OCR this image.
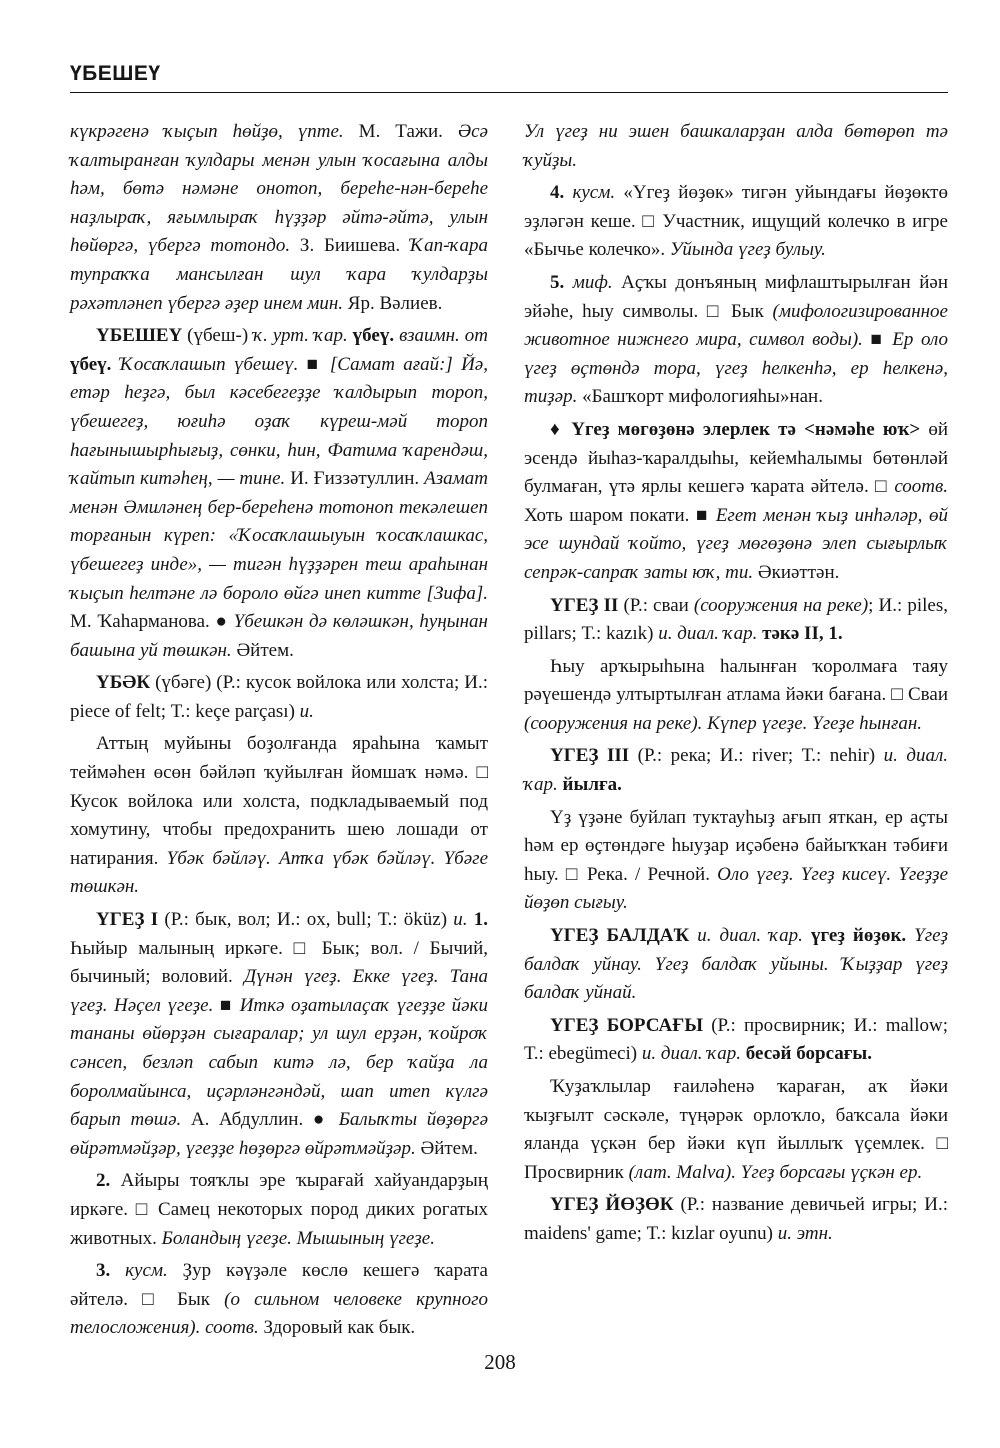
ҮБЕШЕҮ

күкрәгенә ҡыҫып һөйҙө, үпте. М. Тажи. Әсә ҡалтыранған ҡулдары менән улын ҡосағына алды һәм, бөтә нәмәне онотоп, береһе-нән-береһе наҙлыраҡ, яғымлыраҡ һүҙҙәр әйтә-әйтә, улын һөйөргә, үбергә тотондо. З. Биишева. Ҡап-ҡара тупраҡҡа мансылған шул ҡара ҡулдарҙы рәхәтләнеп үбергә әҙер инем мин. Яр. Вәлиев.

ҮБЕШЕҮ (үбеш-) ҡ. урт. ҡар. үбеү. взаимн. от үбеү. Ҡосаҡлашып үбешеү. ■ [Самат ағай:] Йә, етәр һеҙгә, был кәсебегеҙҙе ҡалдырып тороп, үбешегеҙ, юғиһә оҙаҡ күреш-мәй тороп һағынышырһығыҙ, сөнки, һин, Фатима ҡарендәш, ҡайтып китәһең, — тине. И. Ғиззәтуллин. Азамат менән Әмиләнең бер-береһенә тотоноп текәлешеп торғанын күреп: «Ҡосаҡлашыуын ҡосаҡлашкас, үбешегеҙ инде», — тигән һүҙҙәрен теш араһынан ҡыҫып һелтәне лә бороло өйгә инеп китте [Зифа]. М. Ҡаһарманова. ● Үбешкән дә көләшкән, һуңынан башына уй төшкән. Әйтем.

ҮБӘК (үбәге) (Р.: кусок войлока или холста; И.: piece of felt; Т.: keçe parçası) и.

Аттың муйыны боҙолғанда яраһына ҡамыт теймәһен өсөн бәйләп ҡуйылған йомшаҡ нәмә. □ Кусок войлока или холста, подкладываемый под хомутину, чтобы предохранить шею лошади от натирания. Үбәк бәйләү. Атҡа үбәк бәйләү. Үбәге төшкән.

ҮГЕҘ I (Р.: бык, вол; И.: ox, bull; Т.: öküz) и. 1. Һыйыр малының иркәге. □ Бык; вол. / Бычий, бычиный; воловий. Дүнән үгеҙ. Екке үгеҙ. Тана үгеҙ. Нәҫел үгеҙе. ■ Иткә оҙатылаҫаҡ үгеҙҙе йәки тананы өйөрҙән сығаралар; ул шул ерҙән, ҡойроҡ сәнсеп, безләп сабып китә лә, бер ҡайҙа ла боролмайынса, иҫәрләнгәндәй, шап итеп күлгә барып төшә. А. Абдуллин. ● Балыҡты йөҙөргә өйрәтмәйҙәр, үгеҙҙе һөҙөргә өйрәтмәйҙәр. Әйтем.

2. Айыры тояҡлы эре ҡырағай хайуандарҙың иркәге. □ Самец некоторых пород диких рогатых животных. Боландың үгеҙе. Мышының үгеҙе.

3. кусм. Ҙур кәүҙәле көслө кешегә ҡарата әйтелә. □ Бык (о сильном человеке крупного телосложения). соотв. Здоровый как бык.

Ул үгеҙ ни эшен башкаларҙан алда бөтөрөп тә ҡуйҙы.

4. кусм. «Үгеҙ йөҙөк» тигән уйындағы йөҙөктө эҙләгән кеше. □ Участник, ищущий колечко в игре «Бычье колечко». Уйында үгеҙ булыу.

5. миф. Аҫҡы донъяның мифлаштырылған йән эйәһе, һыу символы. □ Бык (мифологизированное животное нижнего мира, символ воды). ■ Ер оло үгеҙ өҫтөндә тора, үгеҙ һелкенһә, ер һелкенә, тиҙәр. «Башҡорт мифологияһы»нан.

♦ Үгеҙ мөгөҙөнә элерлек тә <нәмәһе юҡ> өй эсендә йыһаз-ҡаралдыһы, кейемһалымы бөтөнләй булмаған, үтә ярлы кешегә ҡарата әйтелә. □ соотв. Хоть шаром покати. ■ Егет менән ҡыҙ инһәләр, өй эсе шундай ҡойто, үгеҙ мөгөҙөнә элеп сығырлыҡ сепрәк-сапраҡ заты юҡ, ти. Әкиәттән.

ҮГЕҘ II (Р.: сваи (сооружения на реке); И.: piles, pillars; Т.: kazık) и. диал. ҡар. тәкә II, 1.

Һыу арҡырыһына һалынған ҡоролмаға таяу рәүешендә ултыртылған атлама йәки бағана. □ Сваи (сооружения на реке). Күпер үгеҙе. Үгеҙе һынған.

ҮГЕҘ III (Р.: река; И.: river; Т.: nehir) и. диал. ҡар. йылға.

Үҙ үҙәне буйлап туктауһыҙ ағып яткан, ер аҫты һәм ер өҫтөндәге һыуҙар иҫәбенә байыҡҡан тәбиғи һыу. □ Река. / Речной. Оло үгеҙ. Үгеҙ кисеү. Үгеҙҙе йөҙөп сығыу.

ҮГЕҘ БАЛДАҠ и. диал. ҡар. үгеҙ йөҙөк. Үгеҙ балдаҡ уйнау. Үгеҙ балдаҡ уйыны. Ҡыҙҙар үгеҙ балдаҡ уйнай.

ҮГЕҘ БОРСАҒЫ (Р.: просвирник; И.: mallow; Т.: ebegümeci) и. диал. ҡар. бесәй борсағы.

Ҡуҙаҡлылар ғаиләһенә ҡараған, аҡ йәки ҡыҙғылт сәскәле, түңәрәк орлоҡло, баҡсала йәки яланда үҫкән бер йәки күп йыллыҡ үҫемлек. □ Просвирник (лат. Malva). Үгеҙ борсағы үҫкән ер.

ҮГЕҘ ЙӨҘӨК (Р.: название девичьей игры; И.: maidens' game; Т.: kızlar oyunu) и. этн.

208
